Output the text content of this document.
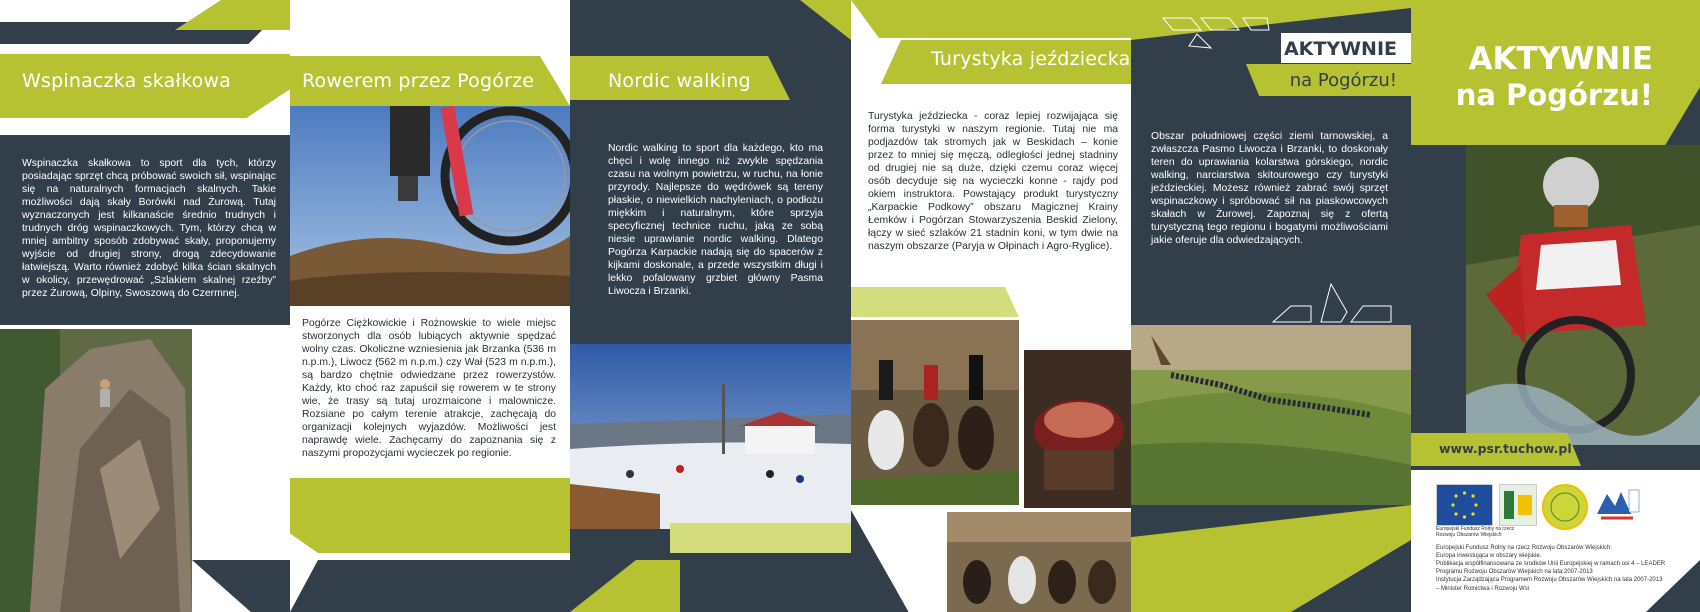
Wspinaczka skałkowa

Wspinaczka skałkowa to sport dla tych, którzy posiadając sprzęt chcą próbować swoich sił, wspinając się na naturalnych formacjach skalnych. Takie możliwości dają skały Borówki nad Żurową. Tutaj wyznaczonych jest kilkanaście średnio trudnych i trudnych dróg wspinaczkowych. Tym, którzy chcą w mniej ambitny sposób zdobywać skały, proponujemy wyjście od drugiej strony, drogą zdecydowanie łatwiejszą. Warto również zdobyć kilka ścian skalnych w okolicy, przewędrować „Szlakiem skalnej rzeźby” przez Żurową, Olpiny, Swoszową do Czermnej.

Rowerem przez Pogórze

Pogórze Ciężkowickie i Rożnowskie to wiele miejsc stworzonych dla osób lubiących aktywnie spędzać wolny czas. Okoliczne wzniesienia jak Brzanka (536 m n.p.m.), Liwocz (562 m n.p.m.) czy Wał (523 m n.p.m.), są bardzo chętnie odwiedzane przez rowerzystów. Każdy, kto choć raz zapuścił się rowerem w te strony wie, że trasy są tutaj urozmaicone i malownicze. Rozsiane po całym terenie atrakcje, zachęcają do organizacji kolejnych wyjazdów. Możliwości jest naprawdę wiele. Zachęcamy do zapoznania się z naszymi propozycjami wycieczek po regionie.

Nordic walking

Nordic walking to sport dla każdego, kto ma chęci i wolę innego niż zwykle spędzania czasu na wolnym powietrzu, w ruchu, na łonie przyrody. Najlepsze do wędrówek są tereny płaskie, o niewielkich nachyleniach, o podłożu miękkim i naturalnym, które sprzyja specyficznej technice ruchu, jaką ze sobą niesie uprawianie nordic walking. Dlatego Pogórza Karpackie nadają się do spacerów z kijkami doskonale, a przede wszystkim długi i lekko pofalowany grzbiet główny Pasma Liwocza i Brzanki.

Turystyka jeździecka

Turystyka jeździecka - coraz lepiej rozwijająca się forma turystyki w naszym regionie. Tutaj nie ma podjazdów tak stromych jak w Beskidach – konie przez to mniej się męczą, odległości jednej stadniny od drugiej nie są duże, dzięki czemu coraz więcej osób decyduje się na wycieczki konne - rajdy pod okiem instruktora. Powstający produkt turystyczny „Karpackie Podkowy” obszaru Magicznej Krainy Łemków i Pogórzan Stowarzyszenia Beskid Zielony, łączy w sieć szlaków 21 stadnin koni, w tym dwie na naszym obszarze (Paryja w Ołpinach i Agro-Ryglice).

AKTYWNIE
na Pogórzu!

Obszar południowej części ziemi tarnowskiej, a zwłaszcza Pasmo Liwocza i Brzanki, to doskonały teren do uprawiania kolarstwa górskiego, nordic walking, narciarstwa skitourowego czy turystyki jeździeckiej. Możesz również zabrać swój sprzęt wspinaczkowy i spróbować sił na piaskowcowych skałach w Żurowej. Zapoznaj się z ofertą turystyczną tego regionu i bogatymi możliwościami jakie oferuje dla odwiedzających.

AKTYWNIE
na Pogórzu!
www.psr.tuchow.pl
Europejski Fundusz Rolny na rzecz Rozwoju Obszarów Wiejskich
Europejski Fundusz Rolny na rzecz Rozwoju Obszarów Wiejskich:
Europa inwestująca w obszary wiejskie.
Publikacja współfinansowana ze środków Unii Europejskiej w ramach osi 4 – LEADER
Programu Rozwoju Obszarów Wiejskich na lata 2007-2013
Instytucja Zarządzająca Programem Rozwoju Obszarów Wiejskich na lata 2007-2013
– Minister Rolnictwa i Rozwoju Wsi
